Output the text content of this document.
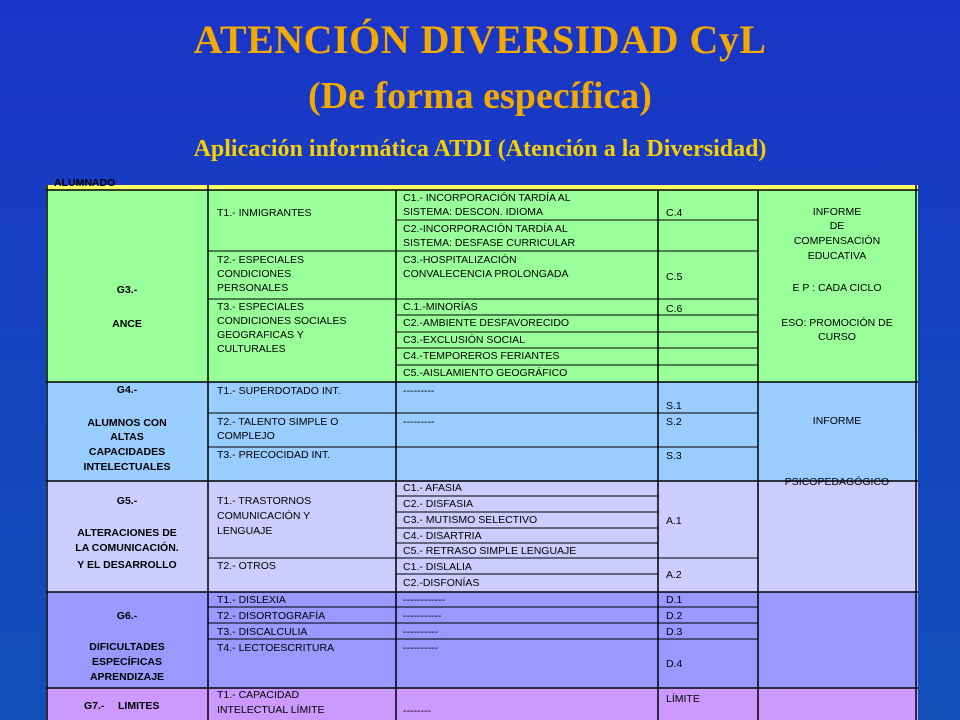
ATENCIÓN DIVERSIDAD CyL
(De forma específica)
Aplicación informática ATDI (Atención a la Diversidad)
ALUMNADO
G3.-
ANCE
T1.- INMIGRANTES
T2.- ESPECIALES
CONDICIONES
PERSONALES
T3.- ESPECIALES
CONDICIONES SOCIALES
GEOGRAFICAS Y
CULTURALES
C1.- INCORPORACIÓN TARDÍA AL
SISTEMA: DESCON. IDIOMA
C2.-INCORPORACIÓN TARDÍA AL
SISTEMA: DESFASE CURRICULAR
C3.-HOSPITALIZACIÓN
CONVALECENCIA PROLONGADA
C.1.-MINORÍAS
C2.-AMBIENTE DESFAVORECIDO
C3.-EXCLUSIÓN SOCIAL
C4.-TEMPOREROS FERIANTES
C5.-AISLAMIENTO GEOGRÁFICO
C.4
C.5
C.6
INFORME
DE
COMPENSACIÓN
EDUCATIVA
E P : CADA CICLO
ESO: PROMOCIÓN DE
CURSO
G4.-
ALUMNOS CON
ALTAS
CAPACIDADES
INTELECTUALES
T1.- SUPERDOTADO INT.
T2.- TALENTO SIMPLE O
COMPLEJO
T3.- PRECOCIDAD INT.
---------
---------
S.1
S.2
S.3
INFORME
PSICOPEDAGÓGICO
G5.-
ALTERACIONES DE
LA COMUNICACIÓN.
Y EL DESARROLLO
T1.- TRASTORNOS
COMUNICACIÓN Y
LENGUAJE
T2.- OTROS
C1.- AFASIA
C2.- DISFASIA
C3.- MUTISMO SELECTIVO
C4.- DISARTRIA
C5.- RETRASO SIMPLE LENGUAJE
C1.- DISLALIA
C2.-DISFONÍAS
A.1
A.2
G6.-
DIFICULTADES
ESPECÍFICAS
APRENDIZAJE
T1.- DISLEXIA
T2.- DISORTOGRAFÍA
T3.- DISCALCULIA
T4.- LECTOESCRITURA
------------
-----------
----------
----------
D.1
D.2
D.3
D.4
G7.- LIMITES
T1.- CAPACIDAD
INTELECTUAL LÍMITE	--------
LÍMITE
